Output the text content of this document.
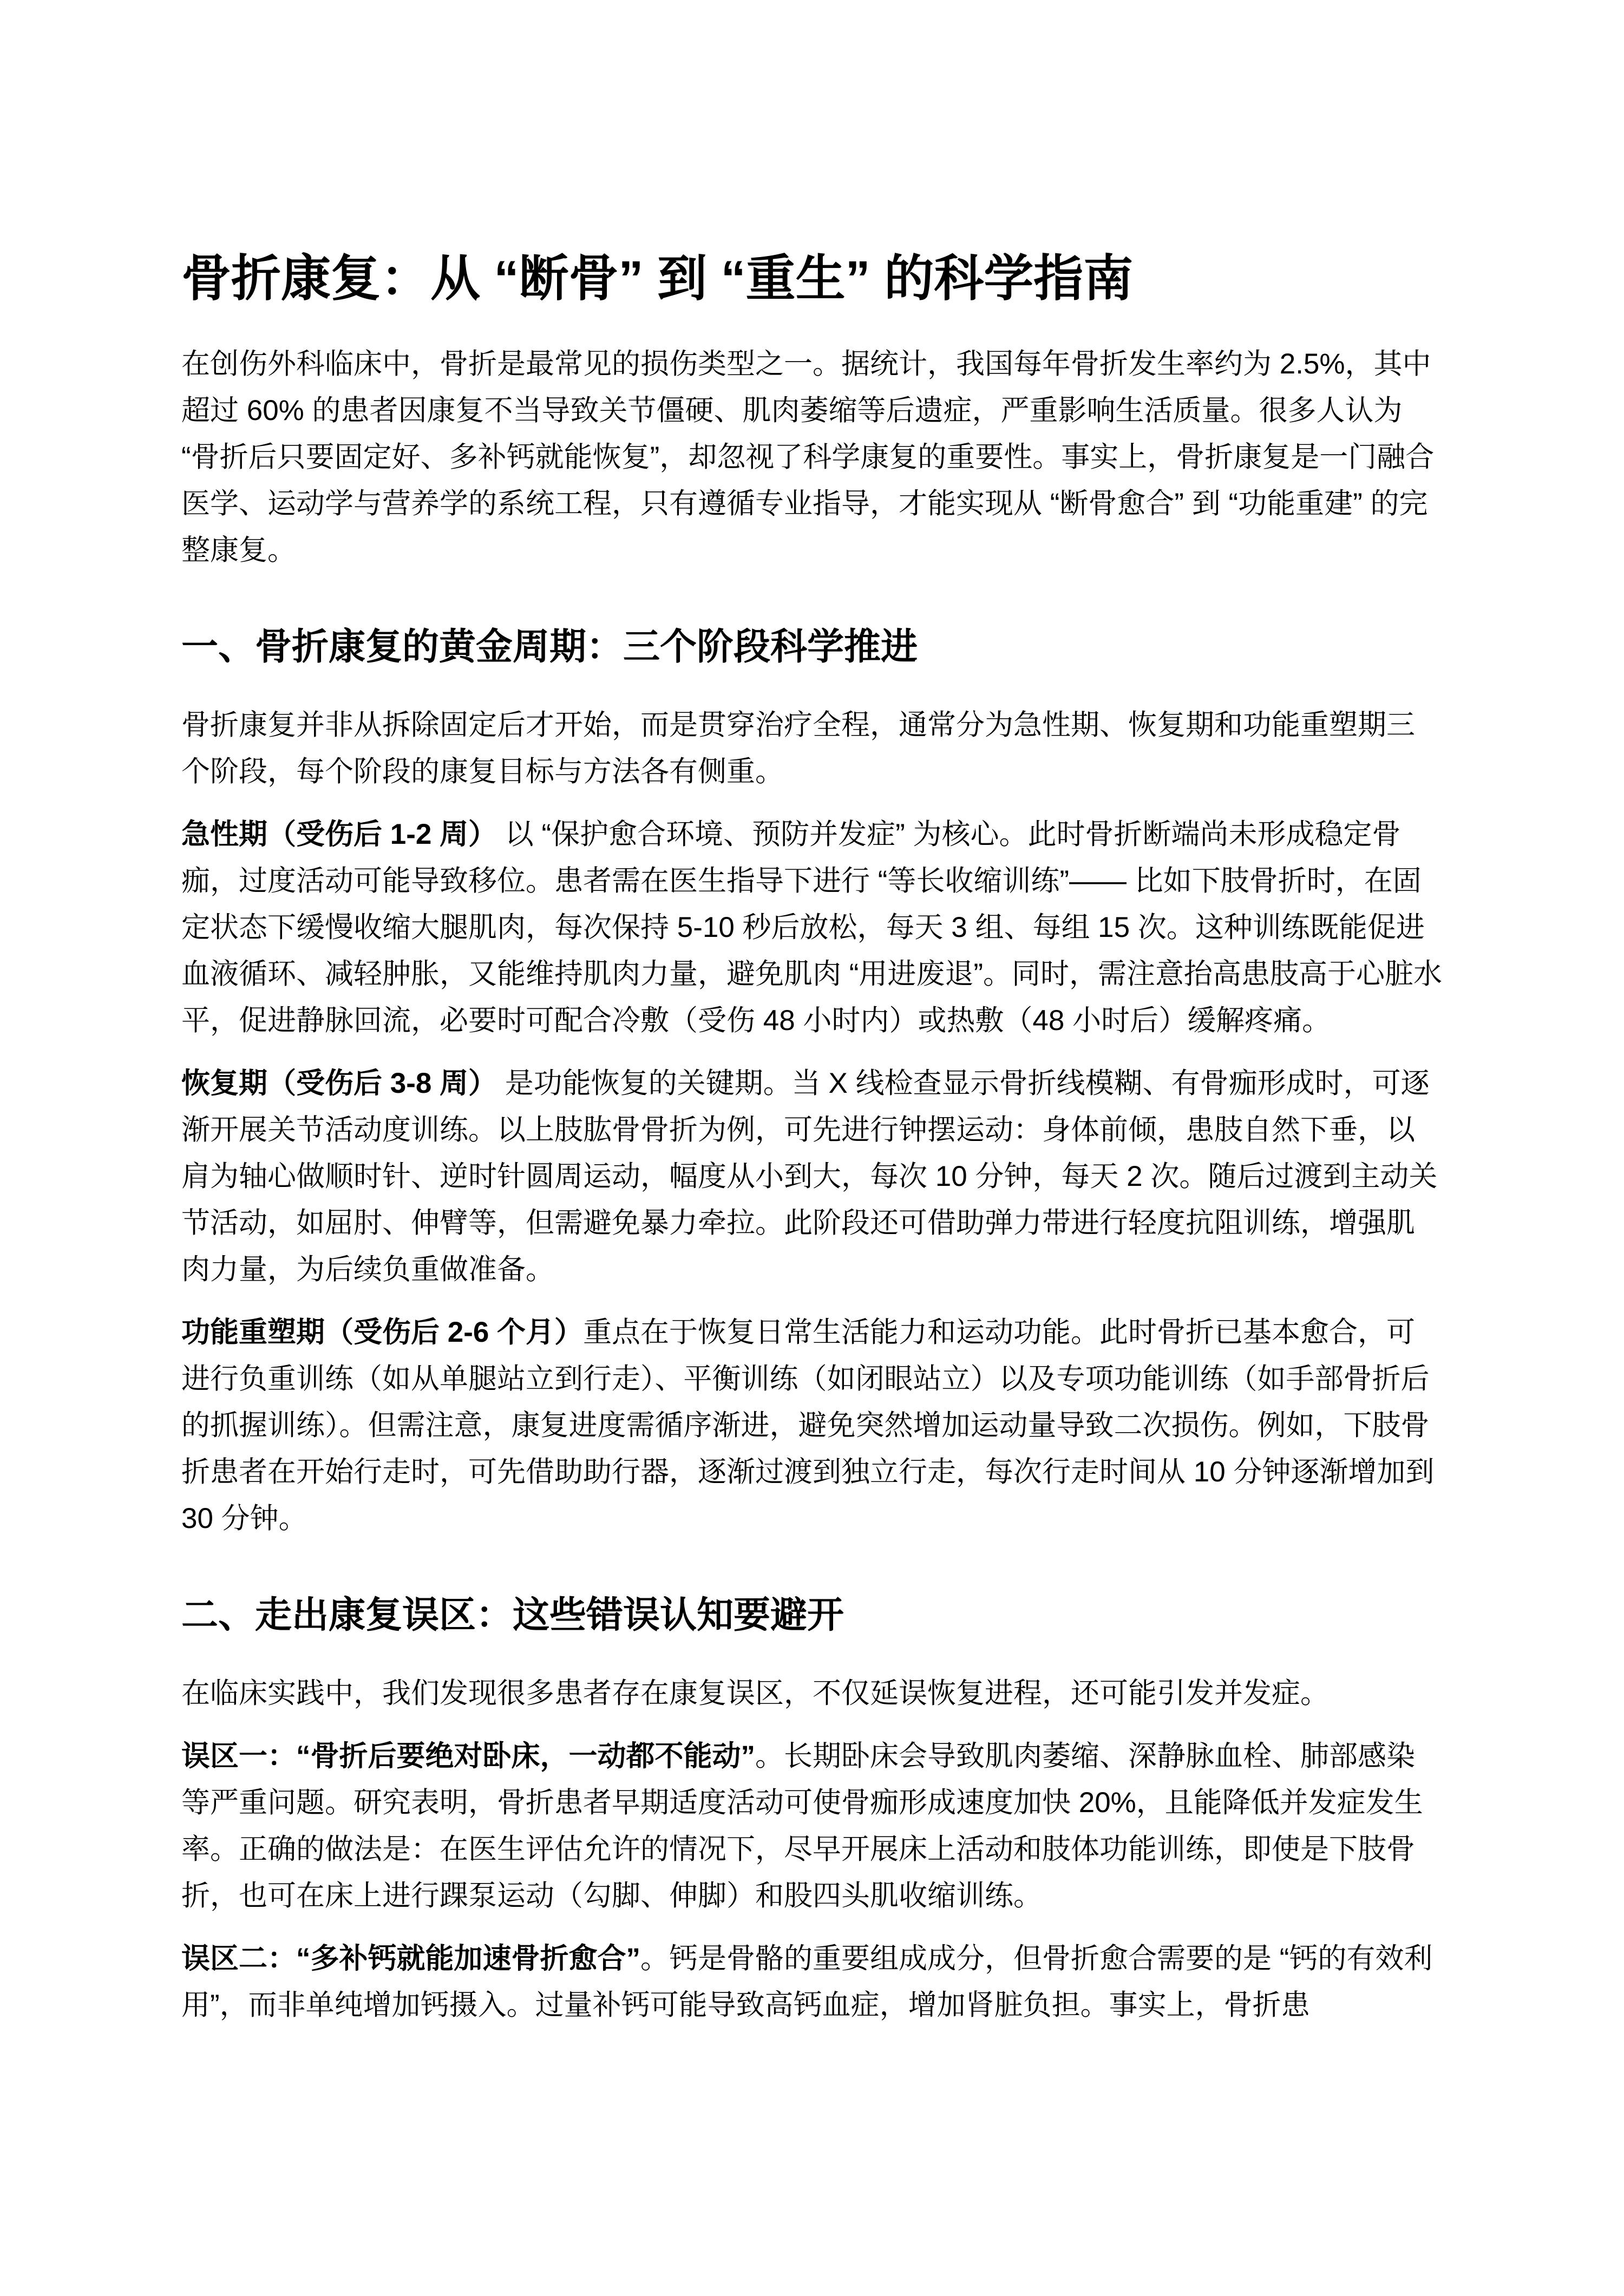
骨折康复：从 “断骨” 到 “重生” 的科学指南

在创伤外科临床中，骨折是最常见的损伤类型之一。据统计，我国每年骨折发生率约为 2.5%，其中超过 60% 的患者因康复不当导致关节僵硬、肌肉萎缩等后遗症，严重影响生活质量。很多人认为 “骨折后只要固定好、多补钙就能恢复”，却忽视了科学康复的重要性。事实上，骨折康复是一门融合医学、运动学与营养学的系统工程，只有遵循专业指导，才能实现从 “断骨愈合” 到 “功能重建” 的完整康复。

一、骨折康复的黄金周期：三个阶段科学推进

骨折康复并非从拆除固定后才开始，而是贯穿治疗全程，通常分为急性期、恢复期和功能重塑期三个阶段，每个阶段的康复目标与方法各有侧重。

急性期（受伤后 1-2 周） 以 “保护愈合环境、预防并发症” 为核心。此时骨折断端尚未形成稳定骨痂，过度活动可能导致移位。患者需在医生指导下进行 “等长收缩训练”—— 比如下肢骨折时，在固定状态下缓慢收缩大腿肌肉，每次保持 5-10 秒后放松，每天 3 组、每组 15 次。这种训练既能促进血液循环、减轻肿胀，又能维持肌肉力量，避免肌肉 “用进废退”。同时，需注意抬高患肢高于心脏水平，促进静脉回流，必要时可配合冷敷（受伤 48 小时内）或热敷（48 小时后）缓解疼痛。

恢复期（受伤后 3-8 周） 是功能恢复的关键期。当 X 线检查显示骨折线模糊、有骨痂形成时，可逐渐开展关节活动度训练。以上肢肱骨骨折为例，可先进行钟摆运动：身体前倾，患肢自然下垂，以肩为轴心做顺时针、逆时针圆周运动，幅度从小到大，每次 10 分钟，每天 2 次。随后过渡到主动关节活动，如屈肘、伸臂等，但需避免暴力牵拉。此阶段还可借助弹力带进行轻度抗阻训练，增强肌肉力量，为后续负重做准备。

功能重塑期（受伤后 2-6 个月）重点在于恢复日常生活能力和运动功能。此时骨折已基本愈合，可进行负重训练（如从单腿站立到行走）、平衡训练（如闭眼站立）以及专项功能训练（如手部骨折后的抓握训练）。但需注意，康复进度需循序渐进，避免突然增加运动量导致二次损伤。例如，下肢骨折患者在开始行走时，可先借助助行器，逐渐过渡到独立行走，每次行走时间从 10 分钟逐渐增加到 30 分钟。

二、走出康复误区：这些错误认知要避开

在临床实践中，我们发现很多患者存在康复误区，不仅延误恢复进程，还可能引发并发症。

误区一：“骨折后要绝对卧床，一动都不能动”。长期卧床会导致肌肉萎缩、深静脉血栓、肺部感染等严重问题。研究表明，骨折患者早期适度活动可使骨痂形成速度加快 20%，且能降低并发症发生率。正确的做法是：在医生评估允许的情况下，尽早开展床上活动和肢体功能训练，即使是下肢骨折，也可在床上进行踝泵运动（勾脚、伸脚）和股四头肌收缩训练。

误区二：“多补钙就能加速骨折愈合”。钙是骨骼的重要组成成分，但骨折愈合需要的是 “钙的有效利用”，而非单纯增加钙摄入。过量补钙可能导致高钙血症，增加肾脏负担。事实上，骨折患
